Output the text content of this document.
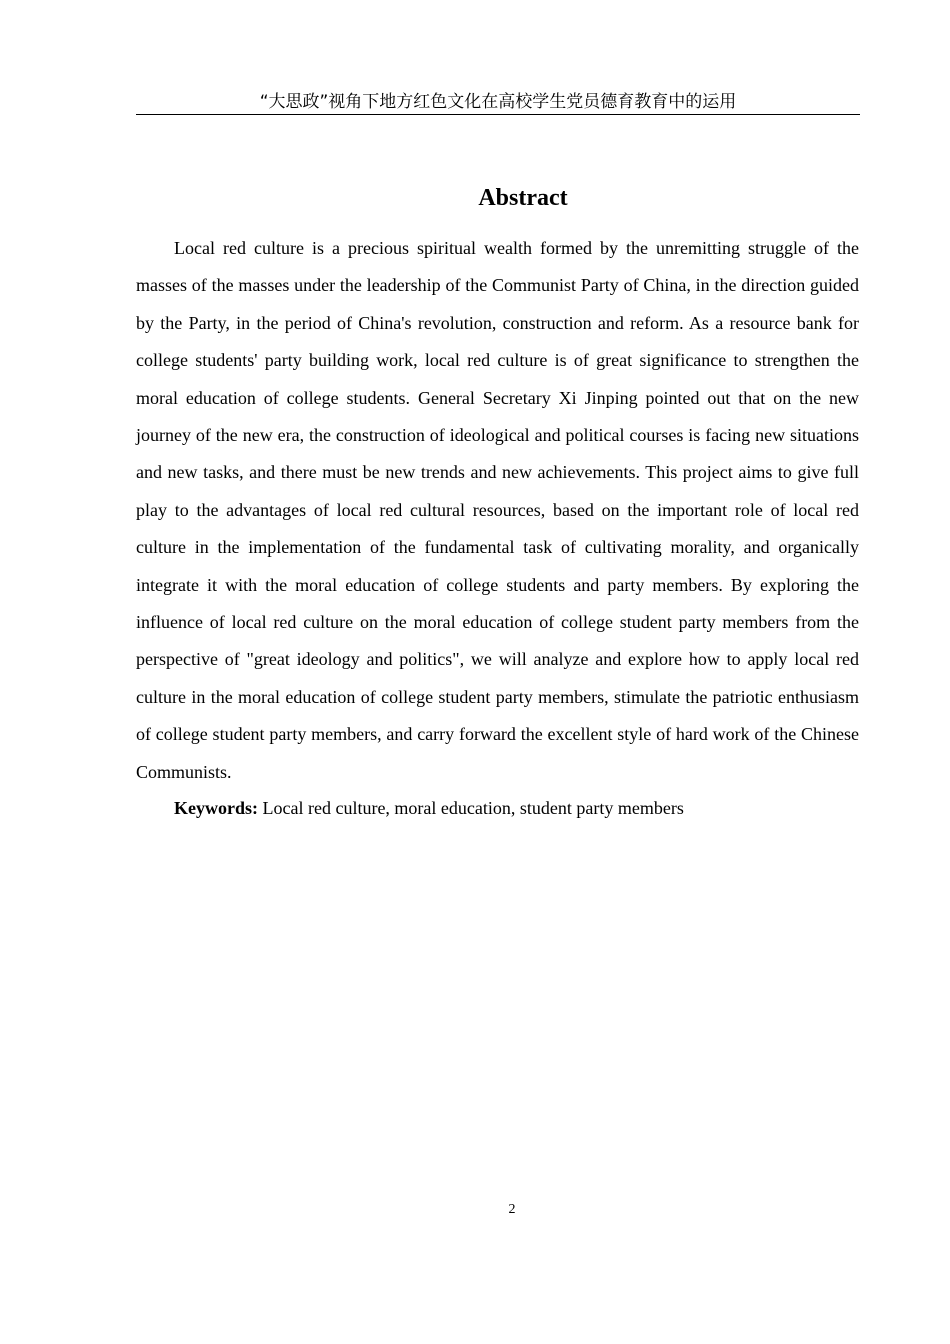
“大思政”视角下地方红色文化在高校学生党员德育教育中的运用
Abstract

Local red culture is a precious spiritual wealth formed by the unremitting struggle of the masses of the masses under the leadership of the Communist Party of China, in the direction guided by the Party, in the period of China's revolution, construction and reform. As a resource bank for college students' party building work, local red culture is of great significance to strengthen the moral education of college students. General Secretary Xi Jinping pointed out that on the new journey of the new era, the construction of ideological and political courses is facing new situations and new tasks, and there must be new trends and new achievements. This project aims to give full play to the advantages of local red cultural resources, based on the important role of local red culture in the implementation of the fundamental task of cultivating morality, and organically integrate it with the moral education of college students and party members. By exploring the influence of local red culture on the moral education of college student party members from the perspective of "great ideology and politics", we will analyze and explore how to apply local red culture in the moral education of college student party members, stimulate the patriotic enthusiasm of college student party members, and carry forward the excellent style of hard work of the Chinese Communists.

Keywords: Local red culture, moral education, student party members

2
